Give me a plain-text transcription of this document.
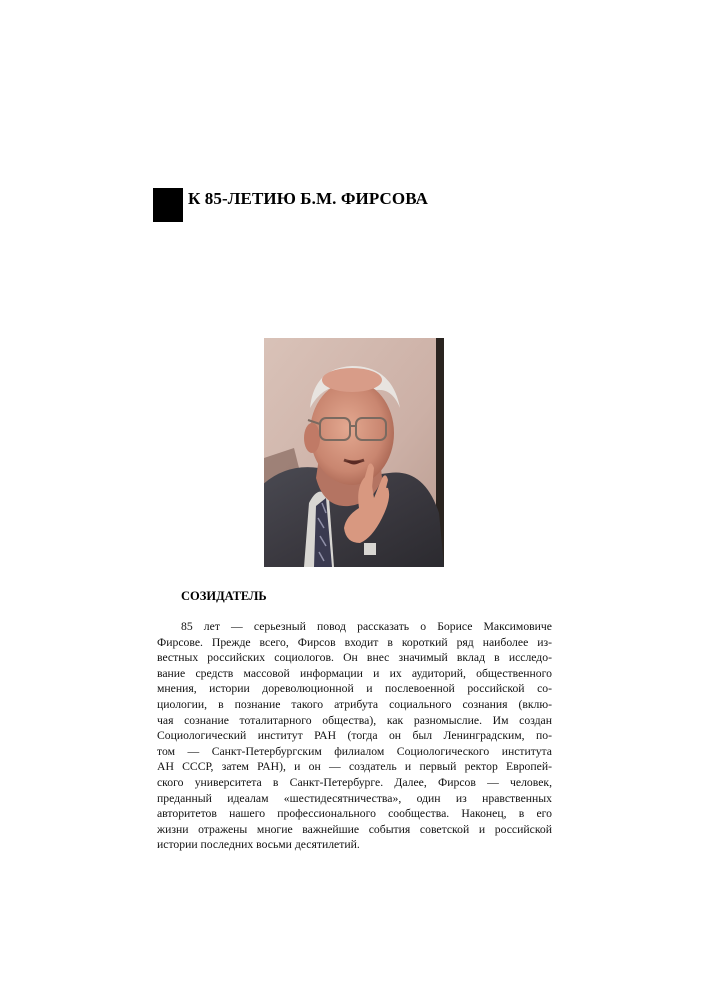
К 85-ЛЕТИЮ Б.М. ФИРСОВА
СОЗИДАТЕЛЬ
85 лет — серьезный повод рассказать о Борисе Максимовиче
Фирсове. Прежде всего, Фирсов входит в короткий ряд наиболее из-
вестных российских социологов. Он внес значимый вклад в исследо-
вание средств массовой информации и их аудиторий, общественного
мнения, истории дореволюционной и послевоенной российской со-
циологии, в познание такого атрибута социального сознания (вклю-
чая сознание тоталитарного общества), как разномыслие. Им создан
Социологический институт РАН (тогда он был Ленинградским, по-
том — Санкт-Петербургским филиалом Социологического института
АН СССР, затем РАН), и он — создатель и первый ректор Европей-
ского университета в Санкт-Петербурге. Далее, Фирсов — человек,
преданный идеалам «шестидесятничества», один из нравственных
авторитетов нашего профессионального сообщества. Наконец, в его
жизни отражены многие важнейшие события советской и российской
истории последних восьми десятилетий.
